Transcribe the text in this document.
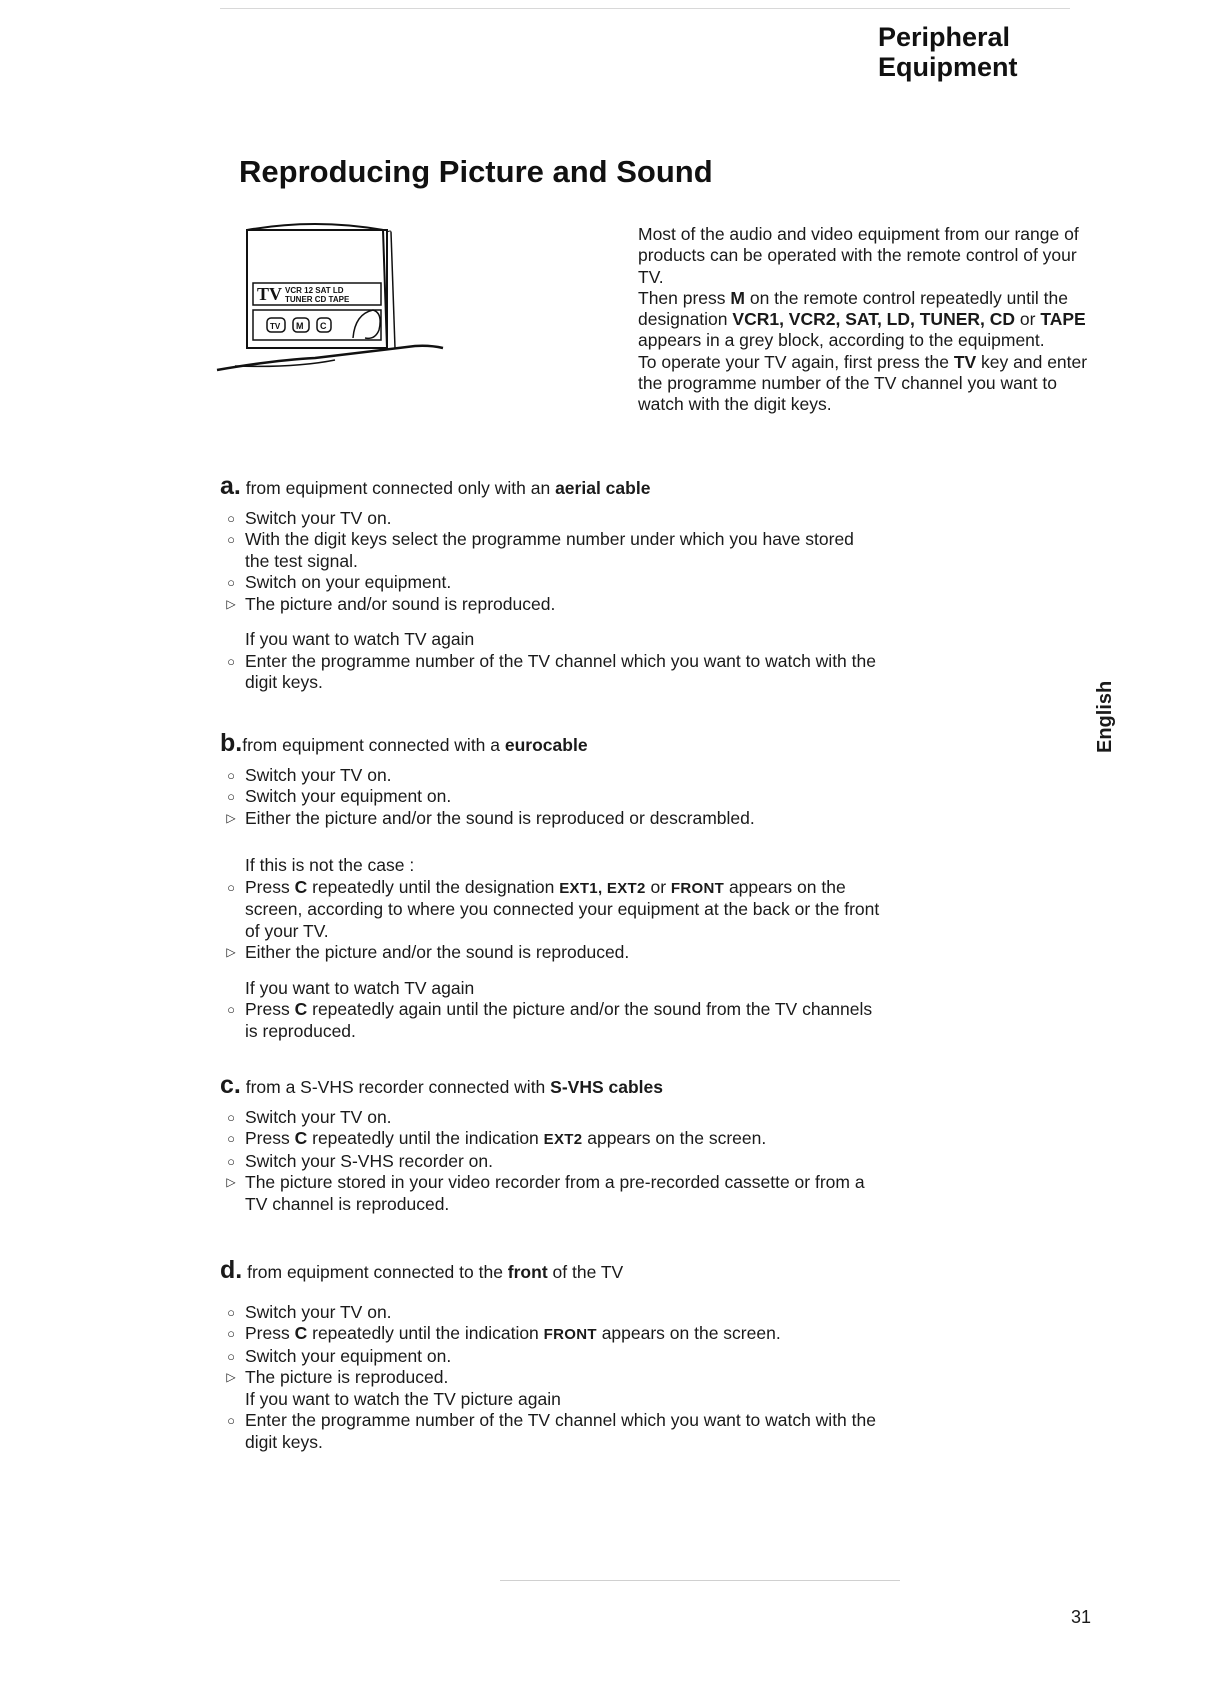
Peripheral
Equipment
Reproducing Picture and Sound
TV VCR 12 SAT LD
TUNER CD TAPE
TV M C

Most of the audio and video equipment from our range of products can be operated with the remote control of your TV.

Then press M on the remote control repeatedly until the designation VCR1, VCR2, SAT, LD, TUNER, CD or TAPE appears in a grey block, according to the equipment.

To operate your TV again, first press the TV key and enter the programme number of the TV channel you want to watch with the digit keys.

a. from equipment connected only with an aerial cable
○ Switch your TV on.
○ With the digit keys select the programme number under which you have stored the test signal.
○ Switch on your equipment.
▷ The picture and/or sound is reproduced.
If you want to watch TV again
○ Enter the programme number of the TV channel which you want to watch with the digit keys.
b.from equipment connected with a eurocable
○ Switch your TV on.
○ Switch your equipment on.
▷ Either the picture and/or the sound is reproduced or descrambled.
If this is not the case :
○ Press C repeatedly until the designation EXT1, EXT2 or FRONT appears on the screen, according to where you connected your equipment at the back or the front of your TV.
▷ Either the picture and/or the sound is reproduced.
If you want to watch TV again
○ Press C repeatedly again until the picture and/or the sound from the TV channels is reproduced.
c. from a S-VHS recorder connected with S-VHS cables
○ Switch your TV on.
○ Press C repeatedly until the indication EXT2 appears on the screen.
○ Switch your S-VHS recorder on.
▷ The picture stored in your video recorder from a pre-recorded cassette or from a TV channel is reproduced.
d. from equipment connected to the front of the TV
○ Switch your TV on.
○ Press C repeatedly until the indication FRONT appears on the screen.
○ Switch your equipment on.
▷ The picture is reproduced.
If you want to watch the TV picture again
○ Enter the programme number of the TV channel which you want to watch with the digit keys.
English
31
